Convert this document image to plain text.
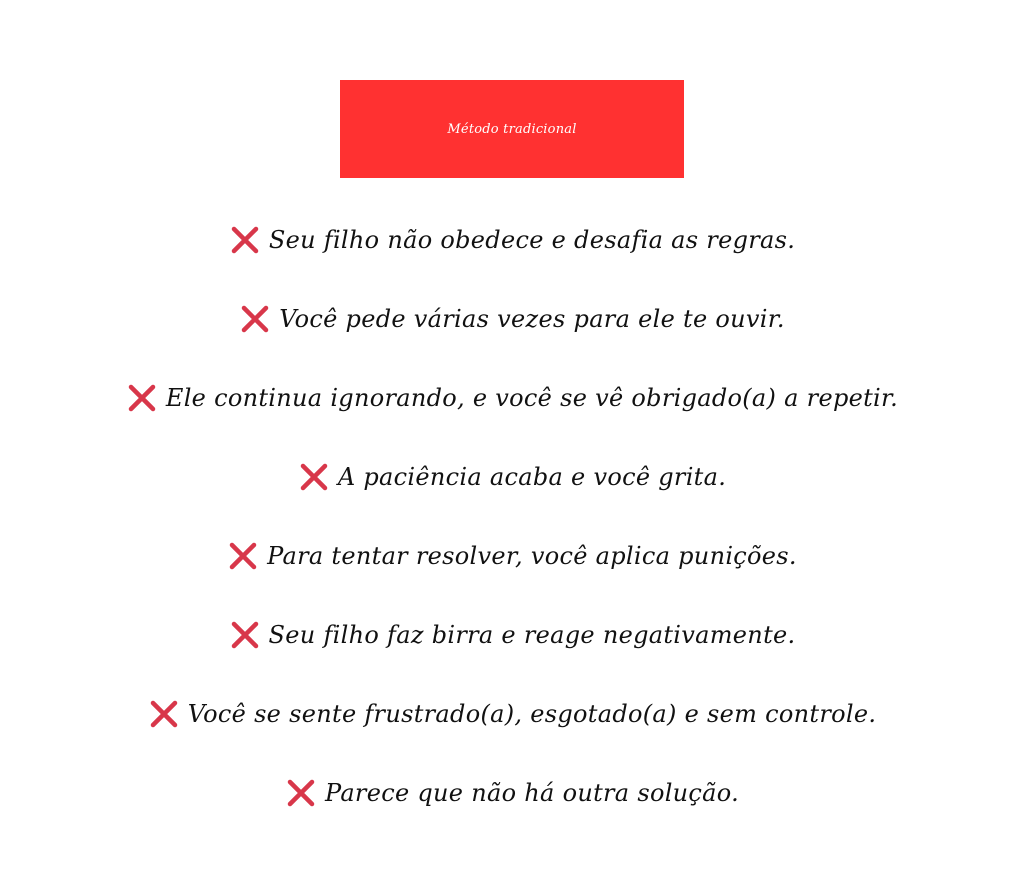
Método tradicional
Seu filho não obedece e desafia as regras.
Você pede várias vezes para ele te ouvir.
Ele continua ignorando, e você se vê obrigado(a) a repetir.
A paciência acaba e você grita.
Para tentar resolver, você aplica punições.
Seu filho faz birra e reage negativamente.
Você se sente frustrado(a), esgotado(a) e sem controle.
Parece que não há outra solução.
